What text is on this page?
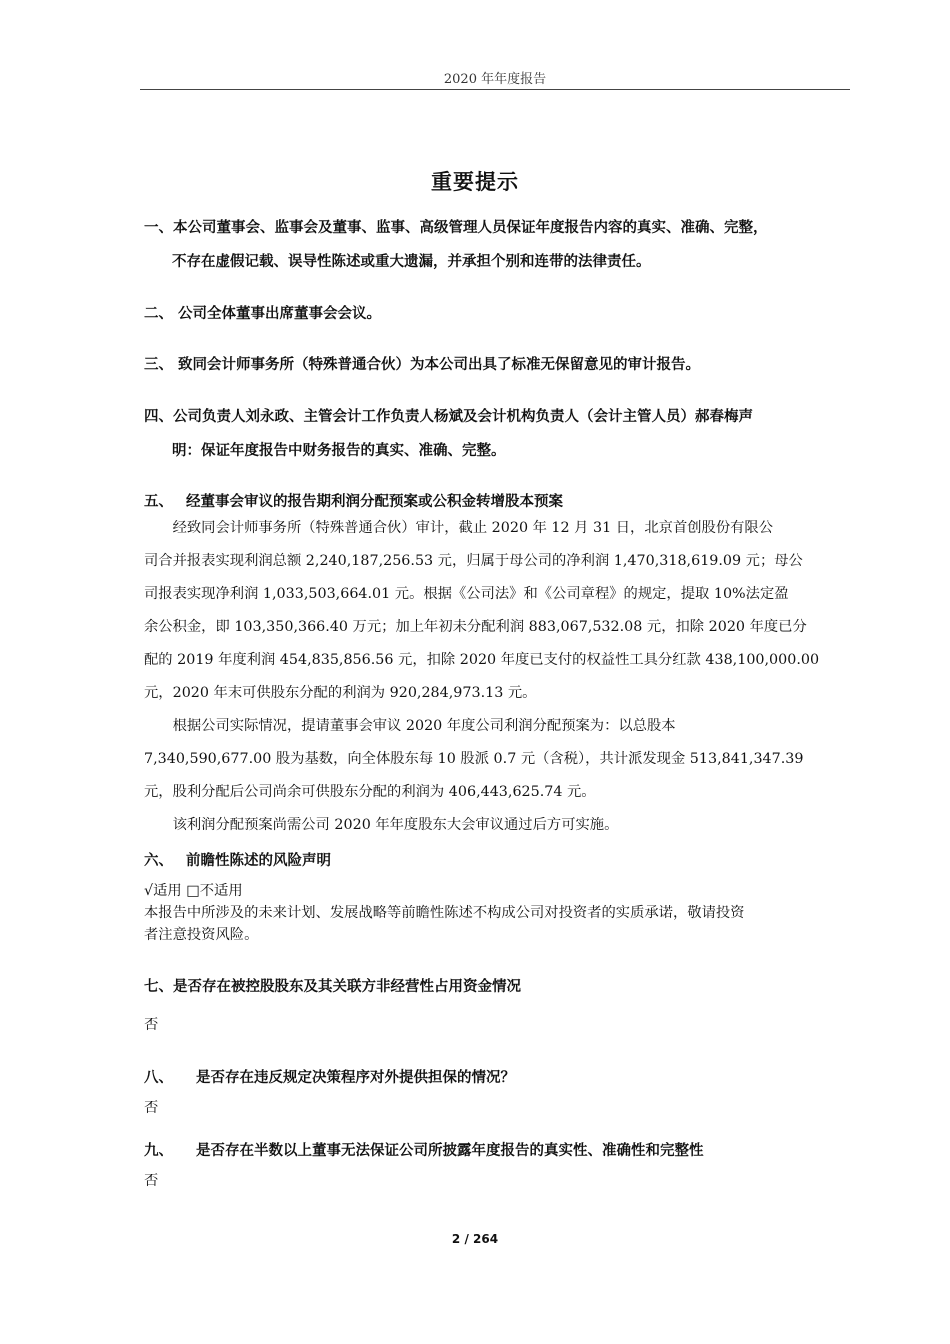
2020 年年度报告
重要提示
一、本公司董事会、监事会及董事、监事、高级管理人员保证年度报告内容的真实、准确、完整，
不存在虚假记载、误导性陈述或重大遗漏，并承担个别和连带的法律责任。
二、 公司全体董事出席董事会会议。
三、 致同会计师事务所（特殊普通合伙）为本公司出具了标准无保留意见的审计报告。
四、公司负责人刘永政、主管会计工作负责人杨斌及会计机构负责人（会计主管人员）郝春梅声
明：保证年度报告中财务报告的真实、准确、完整。
五、 经董事会审议的报告期利润分配预案或公积金转增股本预案
　　经致同会计师事务所（特殊普通合伙）审计，截止 2020 年 12 月 31 日，北京首创股份有限公
司合并报表实现利润总额 2,240,187,256.53 元，归属于母公司的净利润 1,470,318,619.09 元；母公
司报表实现净利润 1,033,503,664.01 元。根据《公司法》和《公司章程》的规定，提取 10%法定盈
余公积金，即 103,350,366.40 万元；加上年初未分配利润 883,067,532.08 元，扣除 2020 年度已分
配的 2019 年度利润 454,835,856.56 元，扣除 2020 年度已支付的权益性工具分红款 438,100,000.00
元，2020 年末可供股东分配的利润为 920,284,973.13 元。
　　根据公司实际情况，提请董事会审议 2020 年度公司利润分配预案为：以总股本
7,340,590,677.00 股为基数，向全体股东每 10 股派 0.7 元（含税），共计派发现金 513,841,347.39
元，股利分配后公司尚余可供股东分配的利润为 406,443,625.74 元。
　　该利润分配预案尚需公司 2020 年年度股东大会审议通过后方可实施。
六、 前瞻性陈述的风险声明
√适用 □不适用
本报告中所涉及的未来计划、发展战略等前瞻性陈述不构成公司对投资者的实质承诺，敬请投资
者注意投资风险。
七、是否存在被控股股东及其关联方非经营性占用资金情况
否
八、 是否存在违反规定决策程序对外提供担保的情况？
否
九、 是否存在半数以上董事无法保证公司所披露年度报告的真实性、准确性和完整性
否
2 / 264
